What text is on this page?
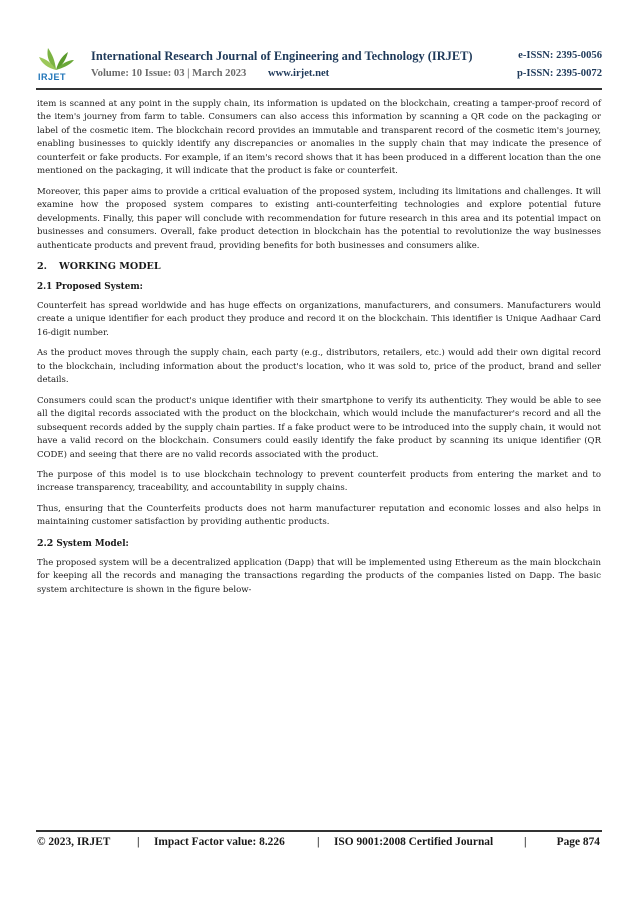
IRJET
International Research Journal of Engineering and Technology (IRJET)	e-ISSN: 2395-0056
Volume: 10 Issue: 03 | March 2023 www.irjet.net	p-ISSN: 2395-0072

item is scanned at any point in the supply chain, its information is updated on the blockchain, creating a tamper-proof record of the item's journey from farm to table. Consumers can also access this information by scanning a QR code on the packaging or label of the cosmetic item. The blockchain record provides an immutable and transparent record of the cosmetic item's journey, enabling businesses to quickly identify any discrepancies or anomalies in the supply chain that may indicate the presence of counterfeit or fake products. For example, if an item's record shows that it has been produced in a different location than the one mentioned on the packaging, it will indicate that the product is fake or counterfeit.

Moreover, this paper aims to provide a critical evaluation of the proposed system, including its limitations and challenges. It will examine how the proposed system compares to existing anti-counterfeiting technologies and explore potential future developments. Finally, this paper will conclude with recommendation for future research in this area and its potential impact on businesses and consumers. Overall, fake product detection in blockchain has the potential to revolutionize the way businesses authenticate products and prevent fraud, providing benefits for both businesses and consumers alike.

2. WORKING MODEL
2.1 Proposed System:

Counterfeit has spread worldwide and has huge effects on organizations, manufacturers, and consumers. Manufacturers would create a unique identifier for each product they produce and record it on the blockchain. This identifier is Unique Aadhaar Card 16-digit number.

As the product moves through the supply chain, each party (e.g., distributors, retailers, etc.) would add their own digital record to the blockchain, including information about the product's location, who it was sold to, price of the product, brand and seller details.

Consumers could scan the product's unique identifier with their smartphone to verify its authenticity. They would be able to see all the digital records associated with the product on the blockchain, which would include the manufacturer's record and all the subsequent records added by the supply chain parties. If a fake product were to be introduced into the supply chain, it would not have a valid record on the blockchain. Consumers could easily identify the fake product by scanning its unique identifier (QR CODE) and seeing that there are no valid records associated with the product.

The purpose of this model is to use blockchain technology to prevent counterfeit products from entering the market and to increase transparency, traceability, and accountability in supply chains.

Thus, ensuring that the Counterfeits products does not harm manufacturer reputation and economic losses and also helps in maintaining customer satisfaction by providing authentic products.

2.2 System Model:

The proposed system will be a decentralized application (Dapp) that will be implemented using Ethereum as the main blockchain for keeping all the records and managing the transactions regarding the products of the companies listed on Dapp. The basic system architecture is shown in the figure below-

© 2023, IRJET | Impact Factor value: 8.226	| ISO 9001:2008 Certified Journal	|	Page 874
